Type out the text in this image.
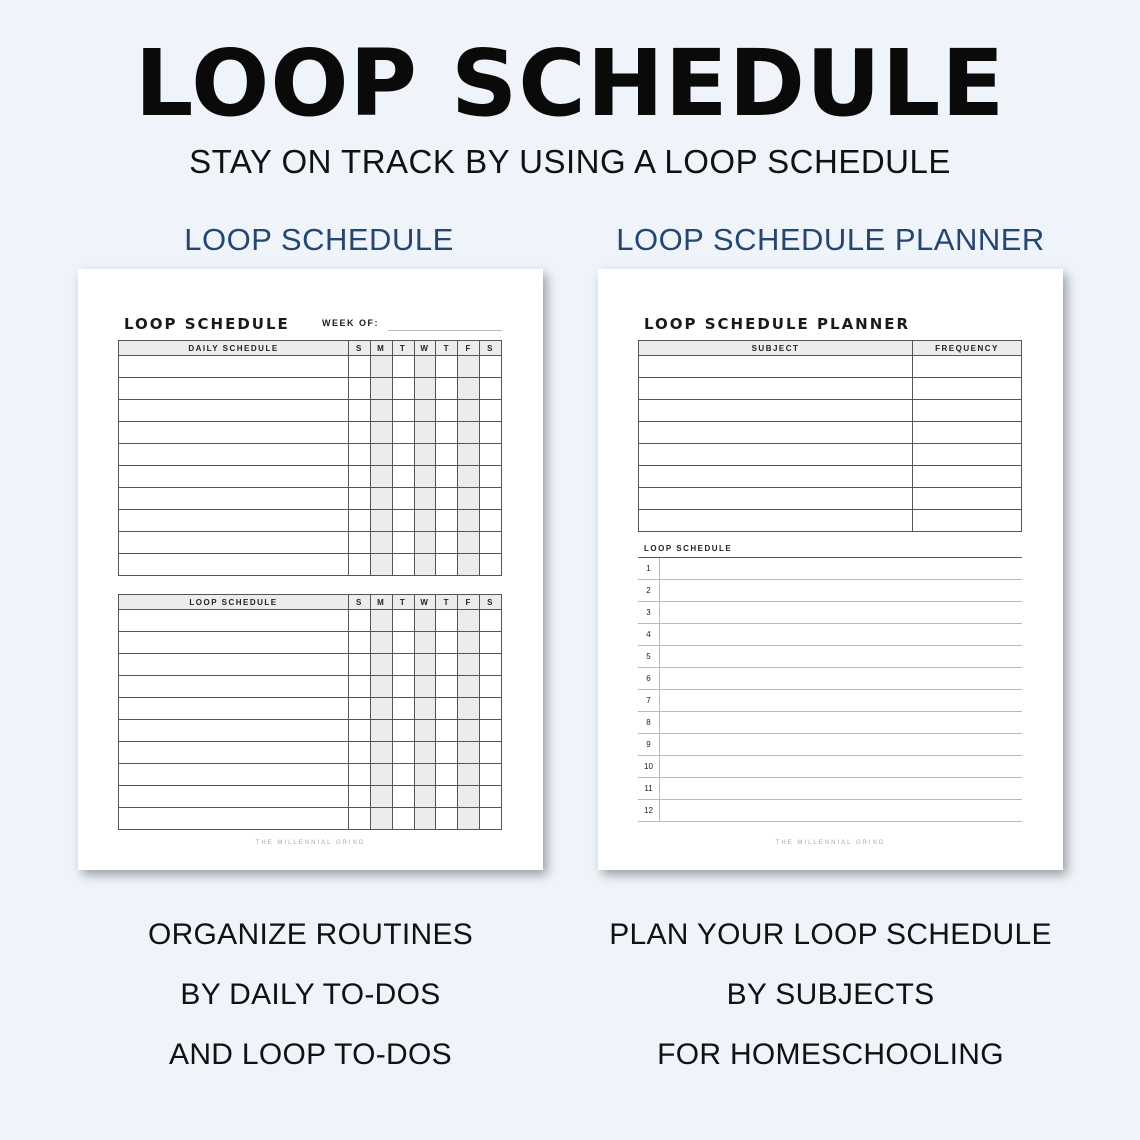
LOOP SCHEDULE
STAY ON TRACK BY USING A LOOP SCHEDULE
LOOP SCHEDULE
LOOP SCHEDULE	WEEK OF:
DAILY SCHEDULE	S	M	T	W	T	F	S

LOOP SCHEDULE	S	M	T	W	T	F	S

THE MILLENNIAL GRIND
LOOP SCHEDULE PLANNER
LOOP SCHEDULE PLANNER
SUBJECT	FREQUENCY

LOOP SCHEDULE
1
2
3
4
5
6
7
8
9
10
11
12
THE MILLENNIAL GRIND
ORGANIZE ROUTINES
BY DAILY TO-DOS
AND LOOP TO-DOS
PLAN YOUR LOOP SCHEDULE
BY SUBJECTS
FOR HOMESCHOOLING
